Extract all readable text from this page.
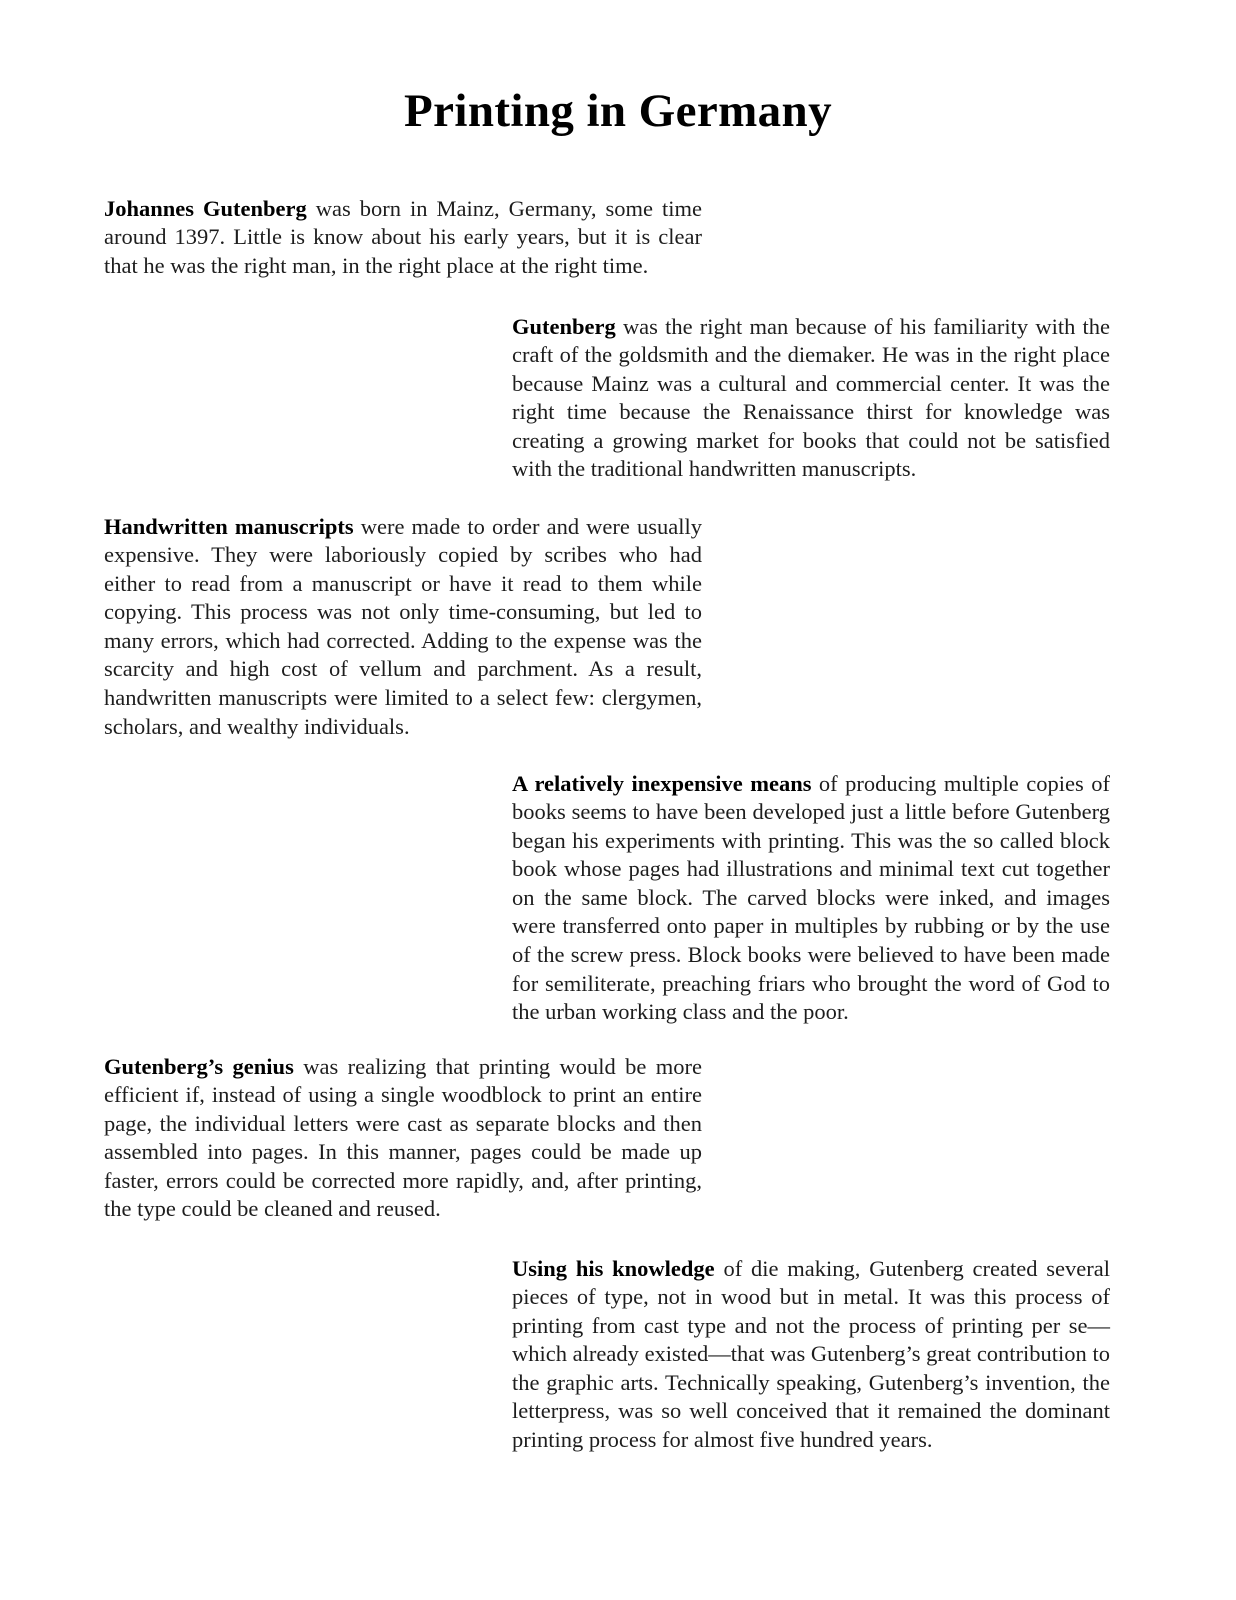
Printing in Germany

Johannes Gutenberg was born in Mainz, Germany, some time around 1397. Little is know about his early years, but it is clear that he was the right man, in the right place at the right time.

Gutenberg was the right man because of his familiarity with the craft of the goldsmith and the diemaker. He was in the right place because Mainz was a cultural and commercial center. It was the right time because the Renaissance thirst for knowledge was creating a growing market for books that could not be satisfied with the traditional handwritten manuscripts.

Handwritten manuscripts were made to order and were usually expensive. They were laboriously copied by scribes who had either to read from a manuscript or have it read to them while copying. This process was not only time-consuming, but led to many errors, which had corrected. Adding to the expense was the scarcity and high cost of vellum and parchment. As a result, handwritten manuscripts were limited to a select few: clergymen, scholars, and wealthy individuals.

A relatively inexpensive means of producing multiple copies of books seems to have been developed just a little before Gutenberg began his experiments with printing. This was the so called block book whose pages had illustrations and minimal text cut together on the same block. The carved blocks were inked, and images were transferred onto paper in multiples by rubbing or by the use of the screw press. Block books were believed to have been made for semiliterate, preaching friars who brought the word of God to the urban working class and the poor.

Gutenberg’s genius was realizing that printing would be more efficient if, instead of using a single woodblock to print an entire page, the individual letters were cast as separate blocks and then assembled into pages. In this manner, pages could be made up faster, errors could be corrected more rapidly, and, after printing, the type could be cleaned and reused.

Using his knowledge of die making, Gutenberg created several pieces of type, not in wood but in metal. It was this process of printing from cast type and not the process of printing per se—which already existed—that was Gutenberg’s great contribution to the graphic arts. Technically speaking, Gutenberg’s invention, the letterpress, was so well conceived that it remained the dominant printing process for almost five hundred years.
